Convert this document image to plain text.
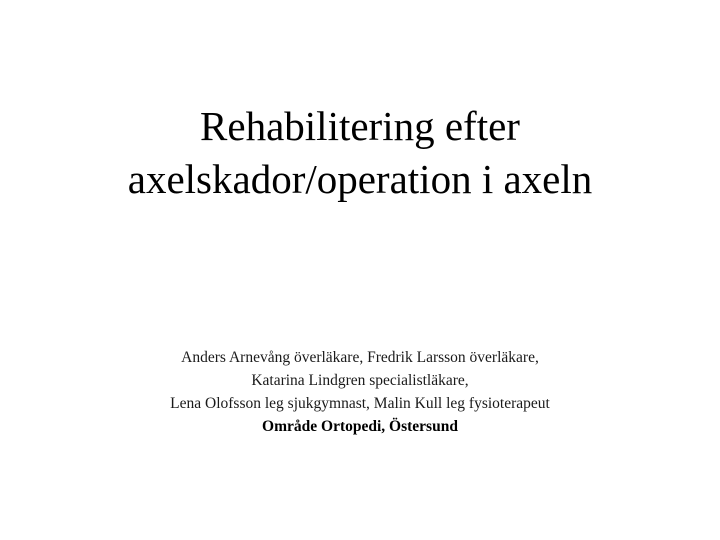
Rehabilitering efter
axelskador/operation i axeln
Anders Arnevång överläkare, Fredrik Larsson överläkare,
Katarina Lindgren specialistläkare,
Lena Olofsson leg sjukgymnast, Malin Kull leg fysioterapeut
Område Ortopedi, Östersund
